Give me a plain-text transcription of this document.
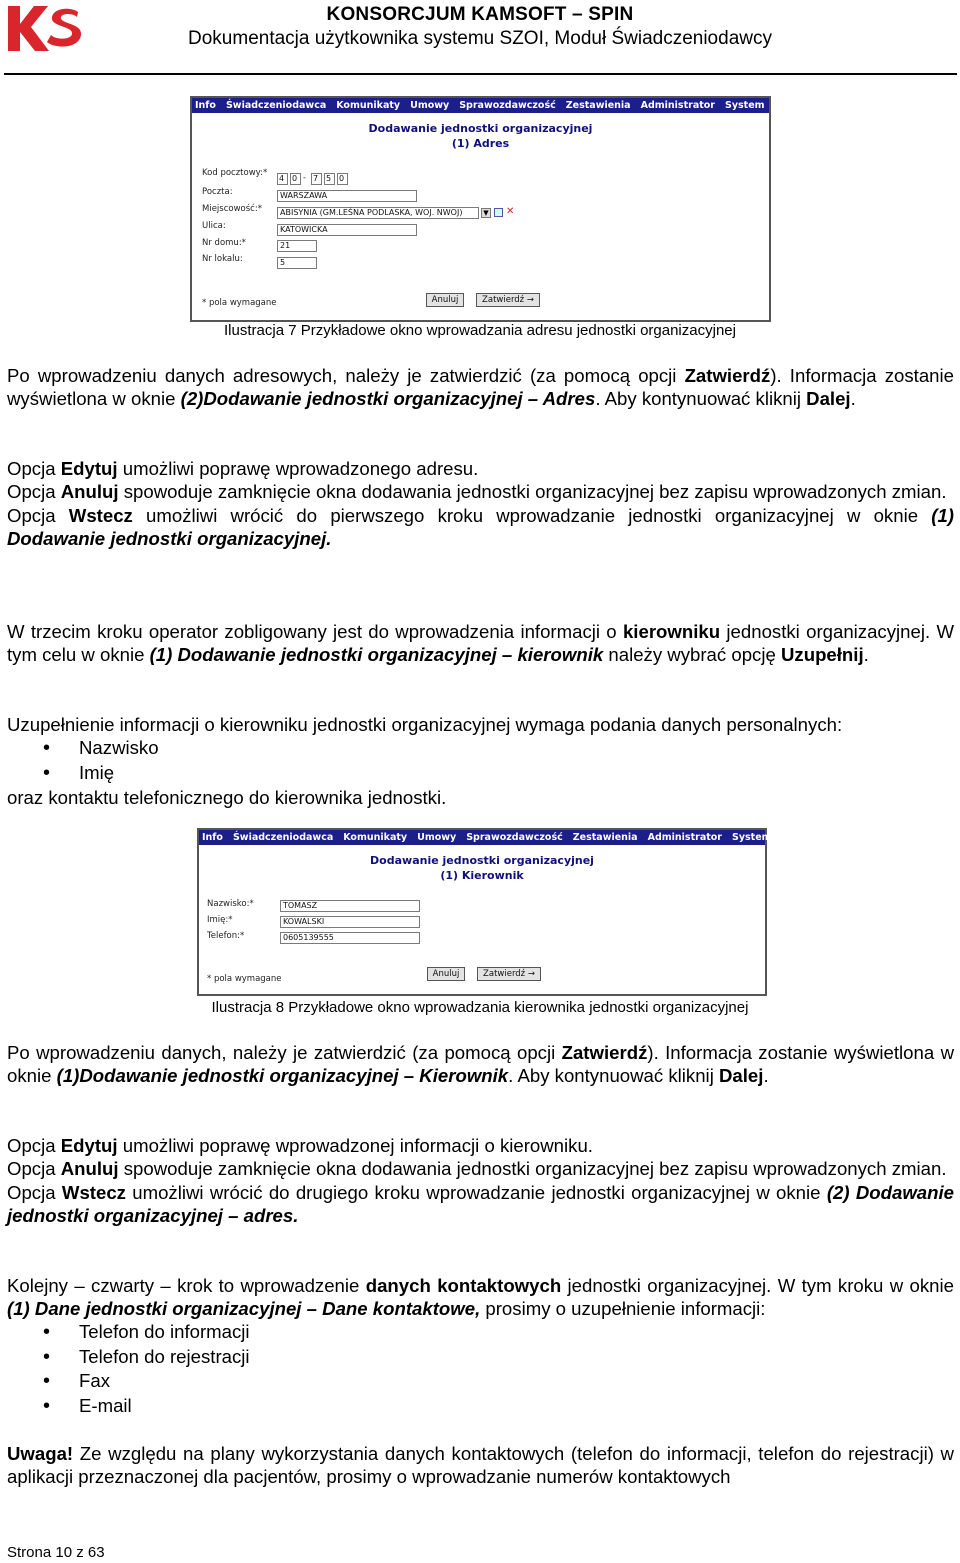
KONSORCJUM KAMSOFT – SPIN
Dokumentacja użytkownika systemu SZOI, Moduł Świadczeniodawcy
Info Świadczeniodawca Komunikaty Umowy Sprawozdawczość Zestawienia Administrator System
Dodawanie jednostki organizacyjnej
(1) Adres
Kod pocztowy:*
4 0 - 7 5 0
Poczta:	WARSZAWA
Miejscowość:*	ABISYNIA (GM.LEŚNA PODLASKA, WOJ. NWOJ)	▼ ✕
Ulica:	KATOWICKA
Nr domu:*	21
Nr lokalu:	5
* pola wymagane	Anuluj	Zatwierdź →
Ilustracja 7 Przykładowe okno wprowadzania adresu jednostki organizacyjnej
Po wprowadzeniu danych adresowych, należy je zatwierdzić (za pomocą opcji Zatwierdź). Informacja zostanie wyświetlona w oknie (2)Dodawanie jednostki organizacyjnej – Adres. Aby kontynuować kliknij Dalej.
Opcja Edytuj umożliwi poprawę wprowadzonego adresu.
Opcja Anuluj spowoduje zamknięcie okna dodawania jednostki organizacyjnej bez zapisu wprowadzonych zmian.
Opcja Wstecz umożliwi wrócić do pierwszego kroku wprowadzanie jednostki organizacyjnej w oknie (1) Dodawanie jednostki organizacyjnej.
W trzecim kroku operator zobligowany jest do wprowadzenia informacji o kierowniku jednostki organizacyjnej. W tym celu w oknie (1) Dodawanie jednostki organizacyjnej – kierownik należy wybrać opcję Uzupełnij.
Uzupełnienie informacji o kierowniku jednostki organizacyjnej wymaga podania danych personalnych:
• Nazwisko
• Imię
oraz kontaktu telefonicznego do kierownika jednostki.
Info Świadczeniodawca Komunikaty Umowy Sprawozdawczość Zestawienia Administrator System
Dodawanie jednostki organizacyjnej
(1) Kierownik
Nazwisko:*	TOMASZ
Imię:*	KOWALSKI
Telefon:*	0605139555
* pola wymagane	Anuluj	Zatwierdź →
Ilustracja 8 Przykładowe okno wprowadzania kierownika jednostki organizacyjnej
Po wprowadzeniu danych, należy je zatwierdzić (za pomocą opcji Zatwierdź). Informacja zostanie wyświetlona w oknie (1)Dodawanie jednostki organizacyjnej – Kierownik. Aby kontynuować kliknij Dalej.
Opcja Edytuj umożliwi poprawę wprowadzonej informacji o kierowniku.
Opcja Anuluj spowoduje zamknięcie okna dodawania jednostki organizacyjnej bez zapisu wprowadzonych zmian.
Opcja Wstecz umożliwi wrócić do drugiego kroku wprowadzanie jednostki organizacyjnej w oknie (2) Dodawanie jednostki organizacyjnej – adres.
Kolejny – czwarty – krok to wprowadzenie danych kontaktowych jednostki organizacyjnej. W tym kroku w oknie (1) Dane jednostki organizacyjnej – Dane kontaktowe, prosimy o uzupełnienie informacji:
• Telefon do informacji
• Telefon do rejestracji
• Fax
• E-mail
Uwaga! Ze względu na plany wykorzystania danych kontaktowych (telefon do informacji, telefon do rejestracji) w aplikacji przeznaczonej dla pacjentów, prosimy o wprowadzanie numerów kontaktowych
Strona 10 z 63
